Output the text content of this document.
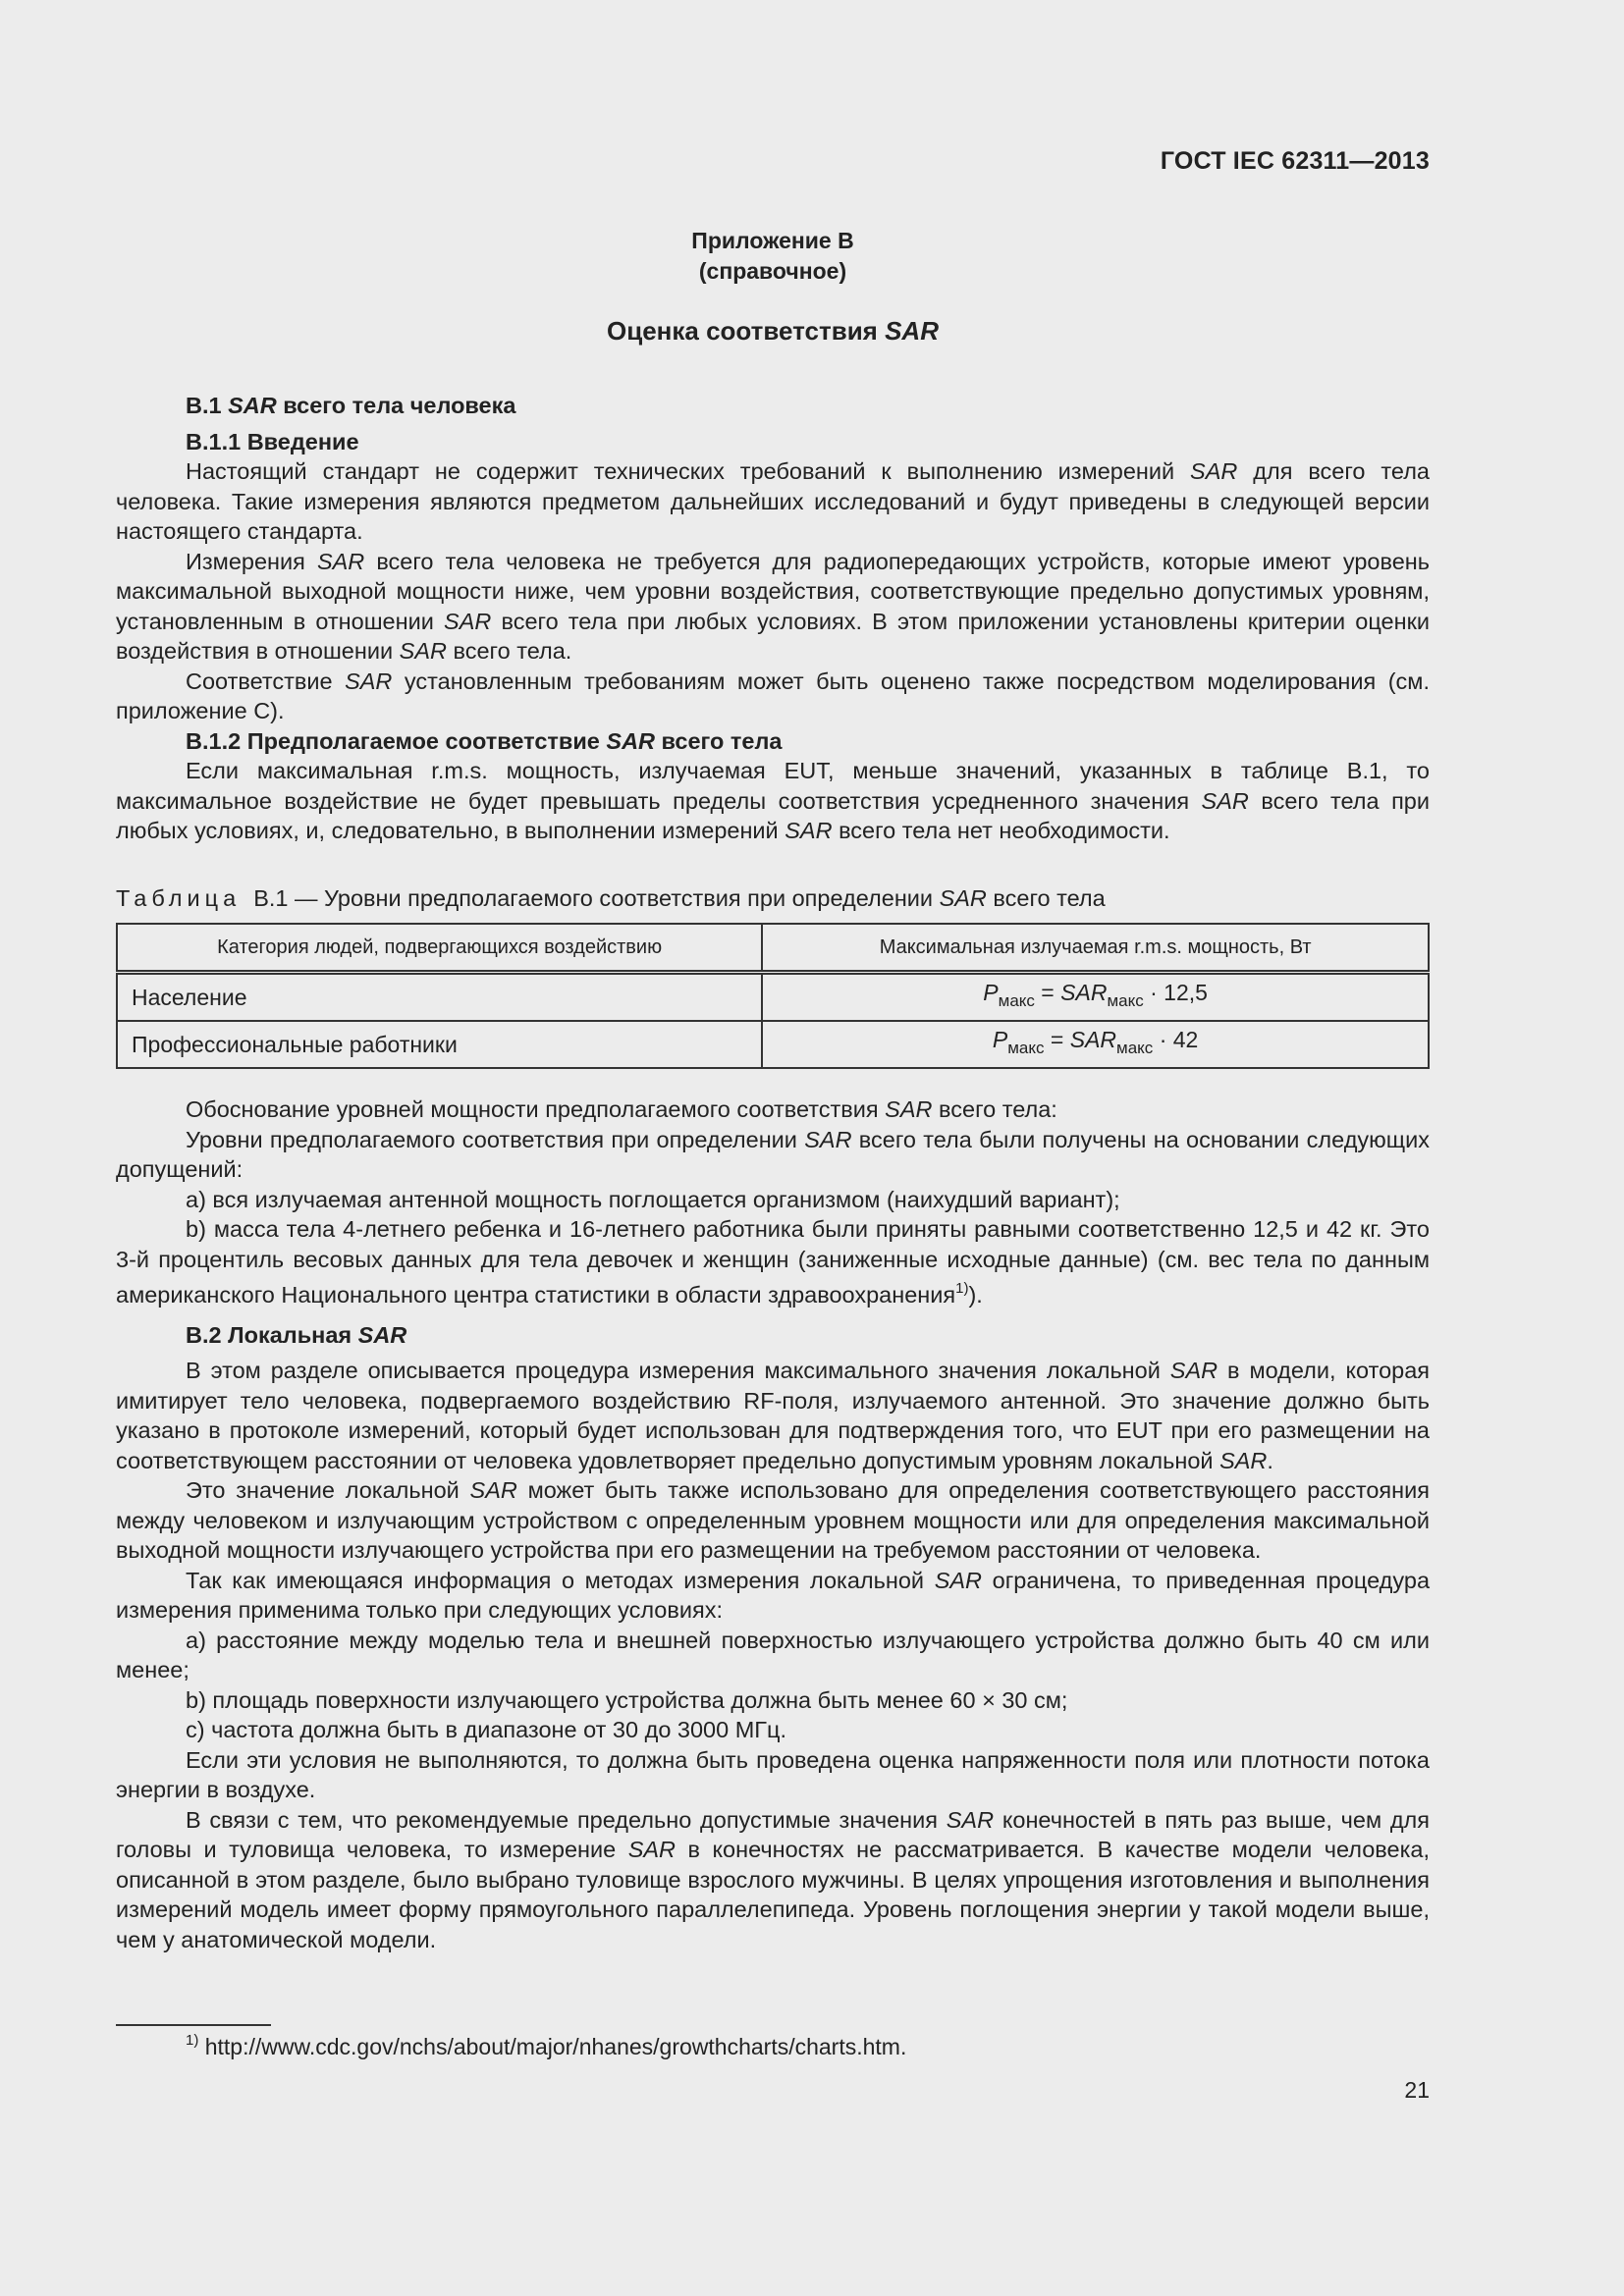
ГОСТ IEC 62311—2013
Приложение В
(справочное)
Оценка соответствия SAR

В.1 SAR всего тела человека

В.1.1 Введение

Настоящий стандарт не содержит технических требований к выполнению измерений SAR для всего тела человека. Такие измерения являются предметом дальнейших исследований и будут приведены в следующей версии настоящего стандарта.

Измерения SAR всего тела человека не требуется для радиопередающих устройств, которые имеют уровень максимальной выходной мощности ниже, чем уровни воздействия, соответствующие предельно допустимых уровням, установленным в отношении SAR всего тела при любых условиях. В этом приложении установлены критерии оценки воздействия в отношении SAR всего тела.

Соответствие SAR установленным требованиям может быть оценено также посредством моделирования (см. приложение С).

В.1.2 Предполагаемое соответствие SAR всего тела

Если максимальная r.m.s. мощность, излучаемая EUT, меньше значений, указанных в таблице В.1, то максимальное воздействие не будет превышать пределы соответствия усредненного значения SAR всего тела при любых условиях, и, следовательно, в выполнении измерений SAR всего тела нет необходимости.

Таблица В.1 — Уровни предполагаемого соответствия при определении SAR всего тела
Категория людей, подвергающихся воздействию	Максимальная излучаемая r.m.s. мощность, Вт
Население	$P_{макс} = SAR_{макс} \cdot 12,5$
Профессиональные работники	$P_{макс} = SAR_{макс} \cdot 42$

Обоснование уровней мощности предполагаемого соответствия SAR всего тела:

Уровни предполагаемого соответствия при определении SAR всего тела были получены на основании следующих допущений:

a) вся излучаемая антенной мощность поглощается организмом (наихудший вариант);

b) масса тела 4-летнего ребенка и 16-летнего работника были приняты равными соответственно 12,5 и 42 кг. Это 3-й процентиль весовых данных для тела девочек и женщин (заниженные исходные данные) (см. вес тела по данным американского Национального центра статистики в области здравоохранения$^{1)}$).

В.2 Локальная SAR

В этом разделе описывается процедура измерения максимального значения локальной SAR в модели, которая имитирует тело человека, подвергаемого воздействию RF-поля, излучаемого антенной. Это значение должно быть указано в протоколе измерений, который будет использован для подтверждения того, что EUT при его размещении на соответствующем расстоянии от человека удовлетворяет предельно допустимым уровням локальной SAR.

Это значение локальной SAR может быть также использовано для определения соответствующего расстояния между человеком и излучающим устройством с определенным уровнем мощности или для определения максимальной выходной мощности излучающего устройства при его размещении на требуемом расстоянии от человека.

Так как имеющаяся информация о методах измерения локальной SAR ограничена, то приведенная процедура измерения применима только при следующих условиях:

a) расстояние между моделью тела и внешней поверхностью излучающего устройства должно быть 40 см или менее;

b) площадь поверхности излучающего устройства должна быть менее 60 × 30 см;

c) частота должна быть в диапазоне от 30 до 3000 МГц.

Если эти условия не выполняются, то должна быть проведена оценка напряженности поля или плотности потока энергии в воздухе.

В связи с тем, что рекомендуемые предельно допустимые значения SAR конечностей в пять раз выше, чем для головы и туловища человека, то измерение SAR в конечностях не рассматривается. В качестве модели человека, описанной в этом разделе, было выбрано туловище взрослого мужчины. В целях упрощения изготовления и выполнения измерений модель имеет форму прямоугольного параллелепипеда. Уровень поглощения энергии у такой модели выше, чем у анатомической модели.

$^{1)}$ http://www.cdc.gov/nchs/about/major/nhanes/growthcharts/charts.htm.
21
